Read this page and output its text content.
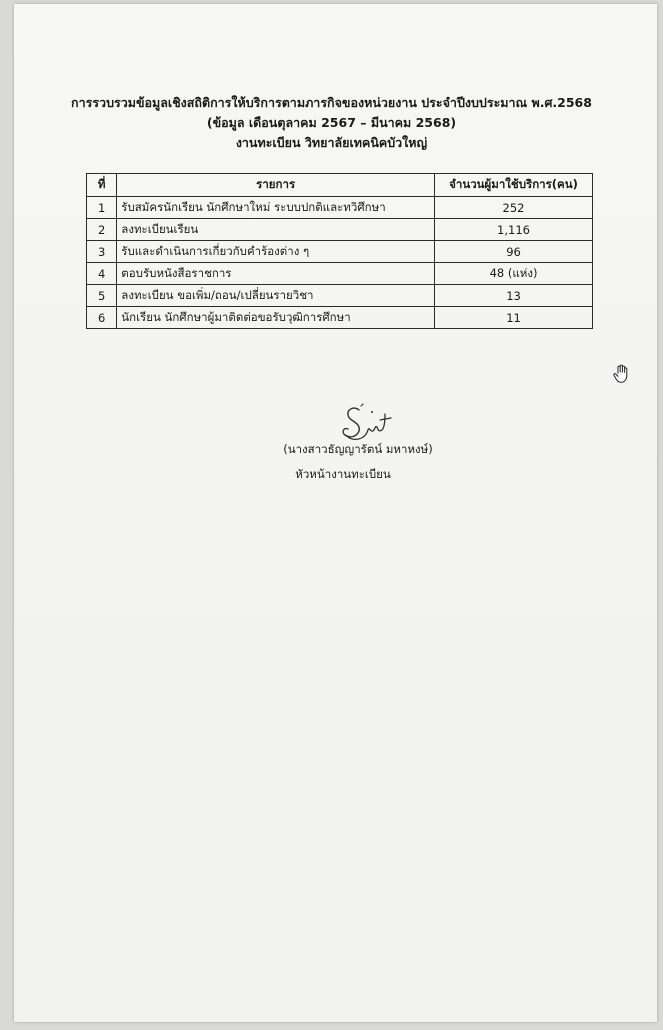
การรวบรวมข้อมูลเชิงสถิติการให้บริการตามภารกิจของหน่วยงาน ประจำปีงบประมาณ พ.ศ.2568
(ข้อมูล เดือนตุลาคม 2567 – มีนาคม 2568)
งานทะเบียน วิทยาลัยเทคนิคบัวใหญ่
ที่	รายการ	จำนวนผู้มาใช้บริการ(คน)
1	รับสมัครนักเรียน นักศึกษาใหม่ ระบบปกติและทวิศึกษา	252
2	ลงทะเบียนเรียน	1,116
3	รับและดำเนินการเกี่ยวกับคำร้องต่าง ๆ	96
4	ตอบรับหนังสือราชการ	48 (แห่ง)
5	ลงทะเบียน ขอเพิ่ม/ถอน/เปลี่ยนรายวิชา	13
6	นักเรียน นักศึกษาผู้มาติดต่อขอรับวุฒิการศึกษา	11
(นางสาวธัญญารัตน์ มหาหงษ์)
หัวหน้างานทะเบียน
